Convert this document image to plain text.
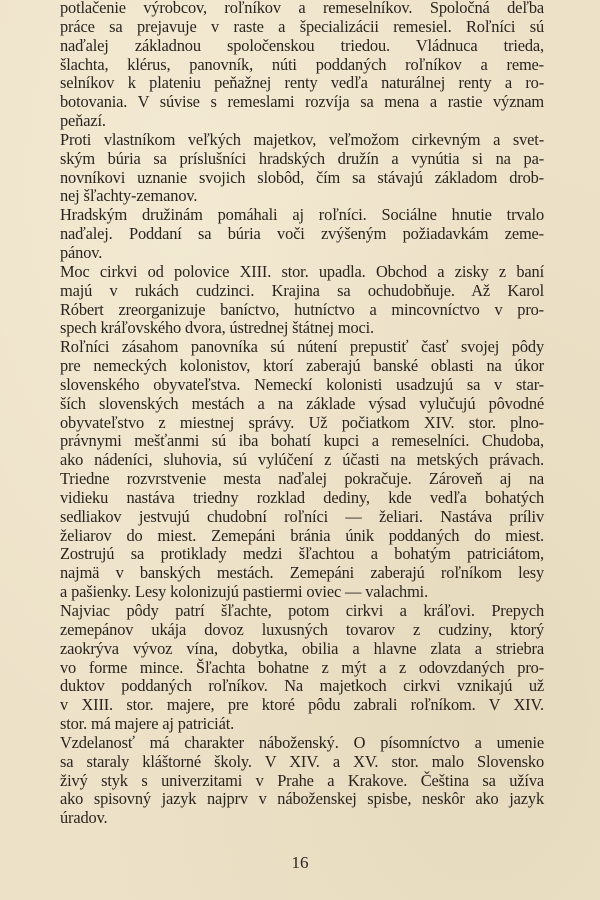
potlačenie výrobcov, roľníkov a remeselníkov. Spoločná deľba
práce sa prejavuje v raste a špecializácii remesiel. Roľníci sú
naďalej základnou spoločenskou triedou. Vládnuca trieda,
šlachta, klérus, panovník, núti poddaných roľníkov a reme-
selníkov k plateniu peňažnej renty vedľa naturálnej renty a ro-
botovania. V súvise s remeslami rozvíja sa mena a rastie význam
peňazí.
Proti vlastníkom veľkých majetkov, veľmožom cirkevným a svet-
ským búria sa príslušníci hradských družín a vynútia si na pa-
novníkovi uznanie svojich slobôd, čím sa stávajú základom drob-
nej šľachty-zemanov.
Hradským družinám pomáhali aj roľníci. Sociálne hnutie trvalo
naďalej. Poddaní sa búria voči zvýšeným požiadavkám zeme-
pánov.
Moc cirkvi od polovice XIII. stor. upadla. Obchod a zisky z baní
majú v rukách cudzinci. Krajina sa ochudobňuje. Až Karol
Róbert zreorganizuje baníctvo, hutníctvo a mincovníctvo v pro-
spech kráľovského dvora, ústrednej štátnej moci.
Roľníci zásahom panovníka sú nútení prepustiť časť svojej pôdy
pre nemeckých kolonistov, ktorí zaberajú banské oblasti na úkor
slovenského obyvateľstva. Nemeckí kolonisti usadzujú sa v star-
ších slovenských mestách a na základe výsad vylučujú pôvodné
obyvateľstvo z miestnej správy. Už počiatkom XIV. stor. plno-
právnymi mešťanmi sú iba bohatí kupci a remeselníci. Chudoba,
ako nádeníci, sluhovia, sú vylúčení z účasti na metských právach.
Triedne rozvrstvenie mesta naďalej pokračuje. Zároveň aj na
vidieku nastáva triedny rozklad dediny, kde vedľa bohatých
sedliakov jestvujú chudobní roľníci — želiari. Nastáva príliv
želiarov do miest. Zemepáni bránia únik poddaných do miest.
Zostrujú sa protiklady medzi šľachtou a bohatým patriciátom,
najmä v banských mestách. Zemepáni zaberajú roľníkom lesy
a pašienky. Lesy kolonizujú pastiermi oviec — valachmi.
Najviac pôdy patrí šľachte, potom cirkvi a kráľovi. Prepych
zemepánov ukája dovoz luxusných tovarov z cudziny, ktorý
zaokrýva vývoz vína, dobytka, obilia a hlavne zlata a striebra
vo forme mince. Šľachta bohatne z mýt a z odovzdaných pro-
duktov poddaných roľníkov. Na majetkoch cirkvi vznikajú už
v XIII. stor. majere, pre ktoré pôdu zabrali roľníkom. V XIV.
stor. má majere aj patriciát.
Vzdelanosť má charakter náboženský. O písomníctvo a umenie
sa staraly kláštorné školy. V XIV. a XV. stor. malo Slovensko
živý styk s univerzitami v Prahe a Krakove. Čeština sa užíva
ako spisovný jazyk najprv v náboženskej spisbe, neskôr ako jazyk
úradov.
16
